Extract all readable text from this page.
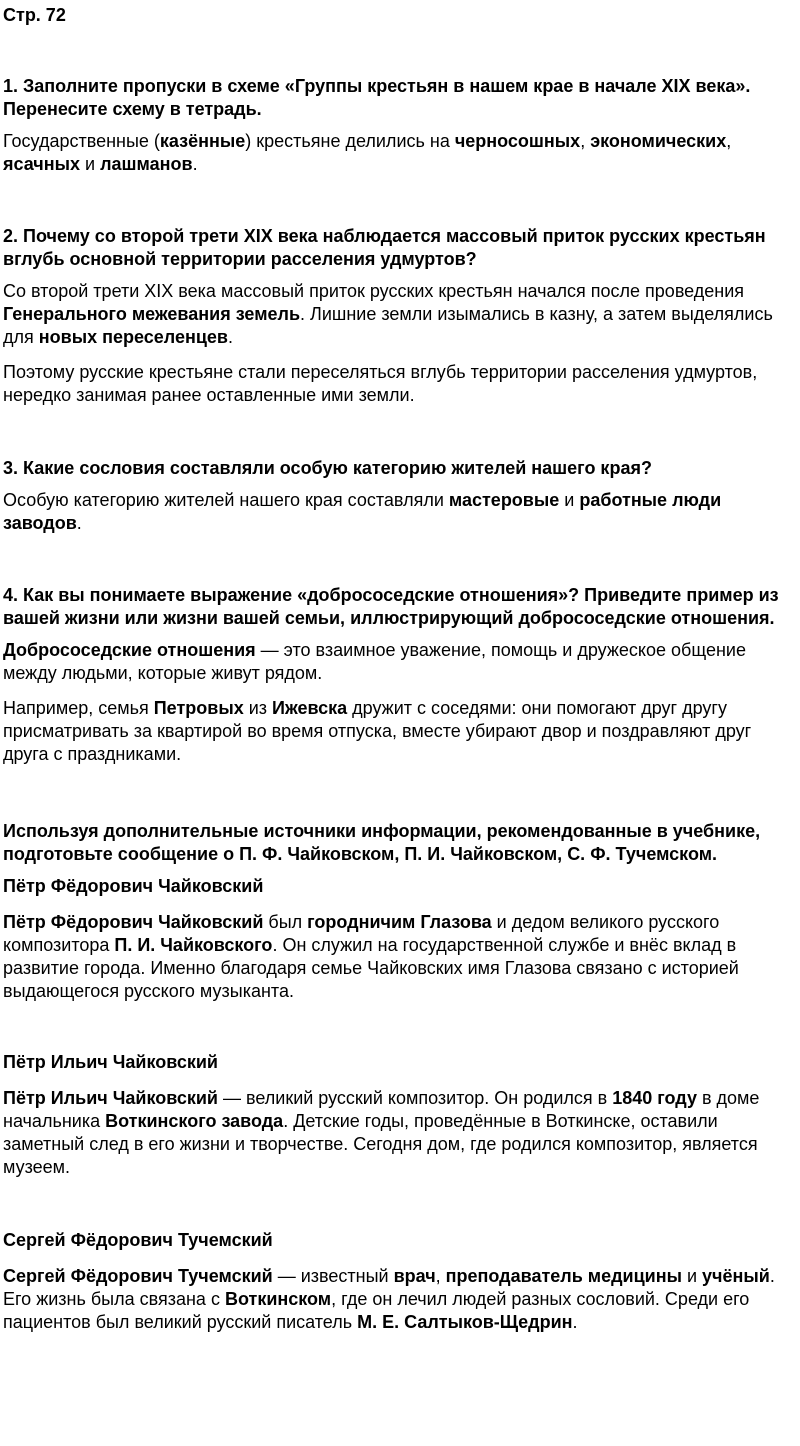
Стр. 72
1. Заполните пропуски в схеме «Группы крестьян в нашем крае в начале XIX века». Перенесите схему в тетрадь.
Государственные (казённые) крестьяне делились на черносошных, экономических, ясачных и лашманов.
2. Почему со второй трети XIX века наблюдается массовый приток русских крестьян вглубь основной территории расселения удмуртов?
Со второй трети XIX века массовый приток русских крестьян начался после проведения Генерального межевания земель. Лишние земли изымались в казну, а затем выделялись для новых переселенцев.
Поэтому русские крестьяне стали переселяться вглубь территории расселения удмуртов, нередко занимая ранее оставленные ими земли.
3. Какие сословия составляли особую категорию жителей нашего края?
Особую категорию жителей нашего края составляли мастеровые и работные люди заводов.
4. Как вы понимаете выражение «добрососедские отношения»? Приведите пример из вашей жизни или жизни вашей семьи, иллюстрирующий добрососедские отношения.
Добрососедские отношения — это взаимное уважение, помощь и дружеское общение между людьми, которые живут рядом.
Например, семья Петровых из Ижевска дружит с соседями: они помогают друг другу присматривать за квартирой во время отпуска, вместе убирают двор и поздравляют друг друга с праздниками.
Используя дополнительные источники информации, рекомендованные в учебнике, подготовьте сообщение о П. Ф. Чайковском, П. И. Чайковском, С. Ф. Тучемском.
Пётр Фёдорович Чайковский
Пётр Фёдорович Чайковский был городничим Глазова и дедом великого русского композитора П. И. Чайковского. Он служил на государственной службе и внёс вклад в развитие города. Именно благодаря семье Чайковских имя Глазова связано с историей выдающегося русского музыканта.
Пётр Ильич Чайковский
Пётр Ильич Чайковский — великий русский композитор. Он родился в 1840 году в доме начальника Воткинского завода. Детские годы, проведённые в Воткинске, оставили заметный след в его жизни и творчестве. Сегодня дом, где родился композитор, является музеем.
Сергей Фёдорович Тучемский
Сергей Фёдорович Тучемский — известный врач, преподаватель медицины и учёный. Его жизнь была связана с Воткинском, где он лечил людей разных сословий. Среди его пациентов был великий русский писатель М. Е. Салтыков-Щедрин.
